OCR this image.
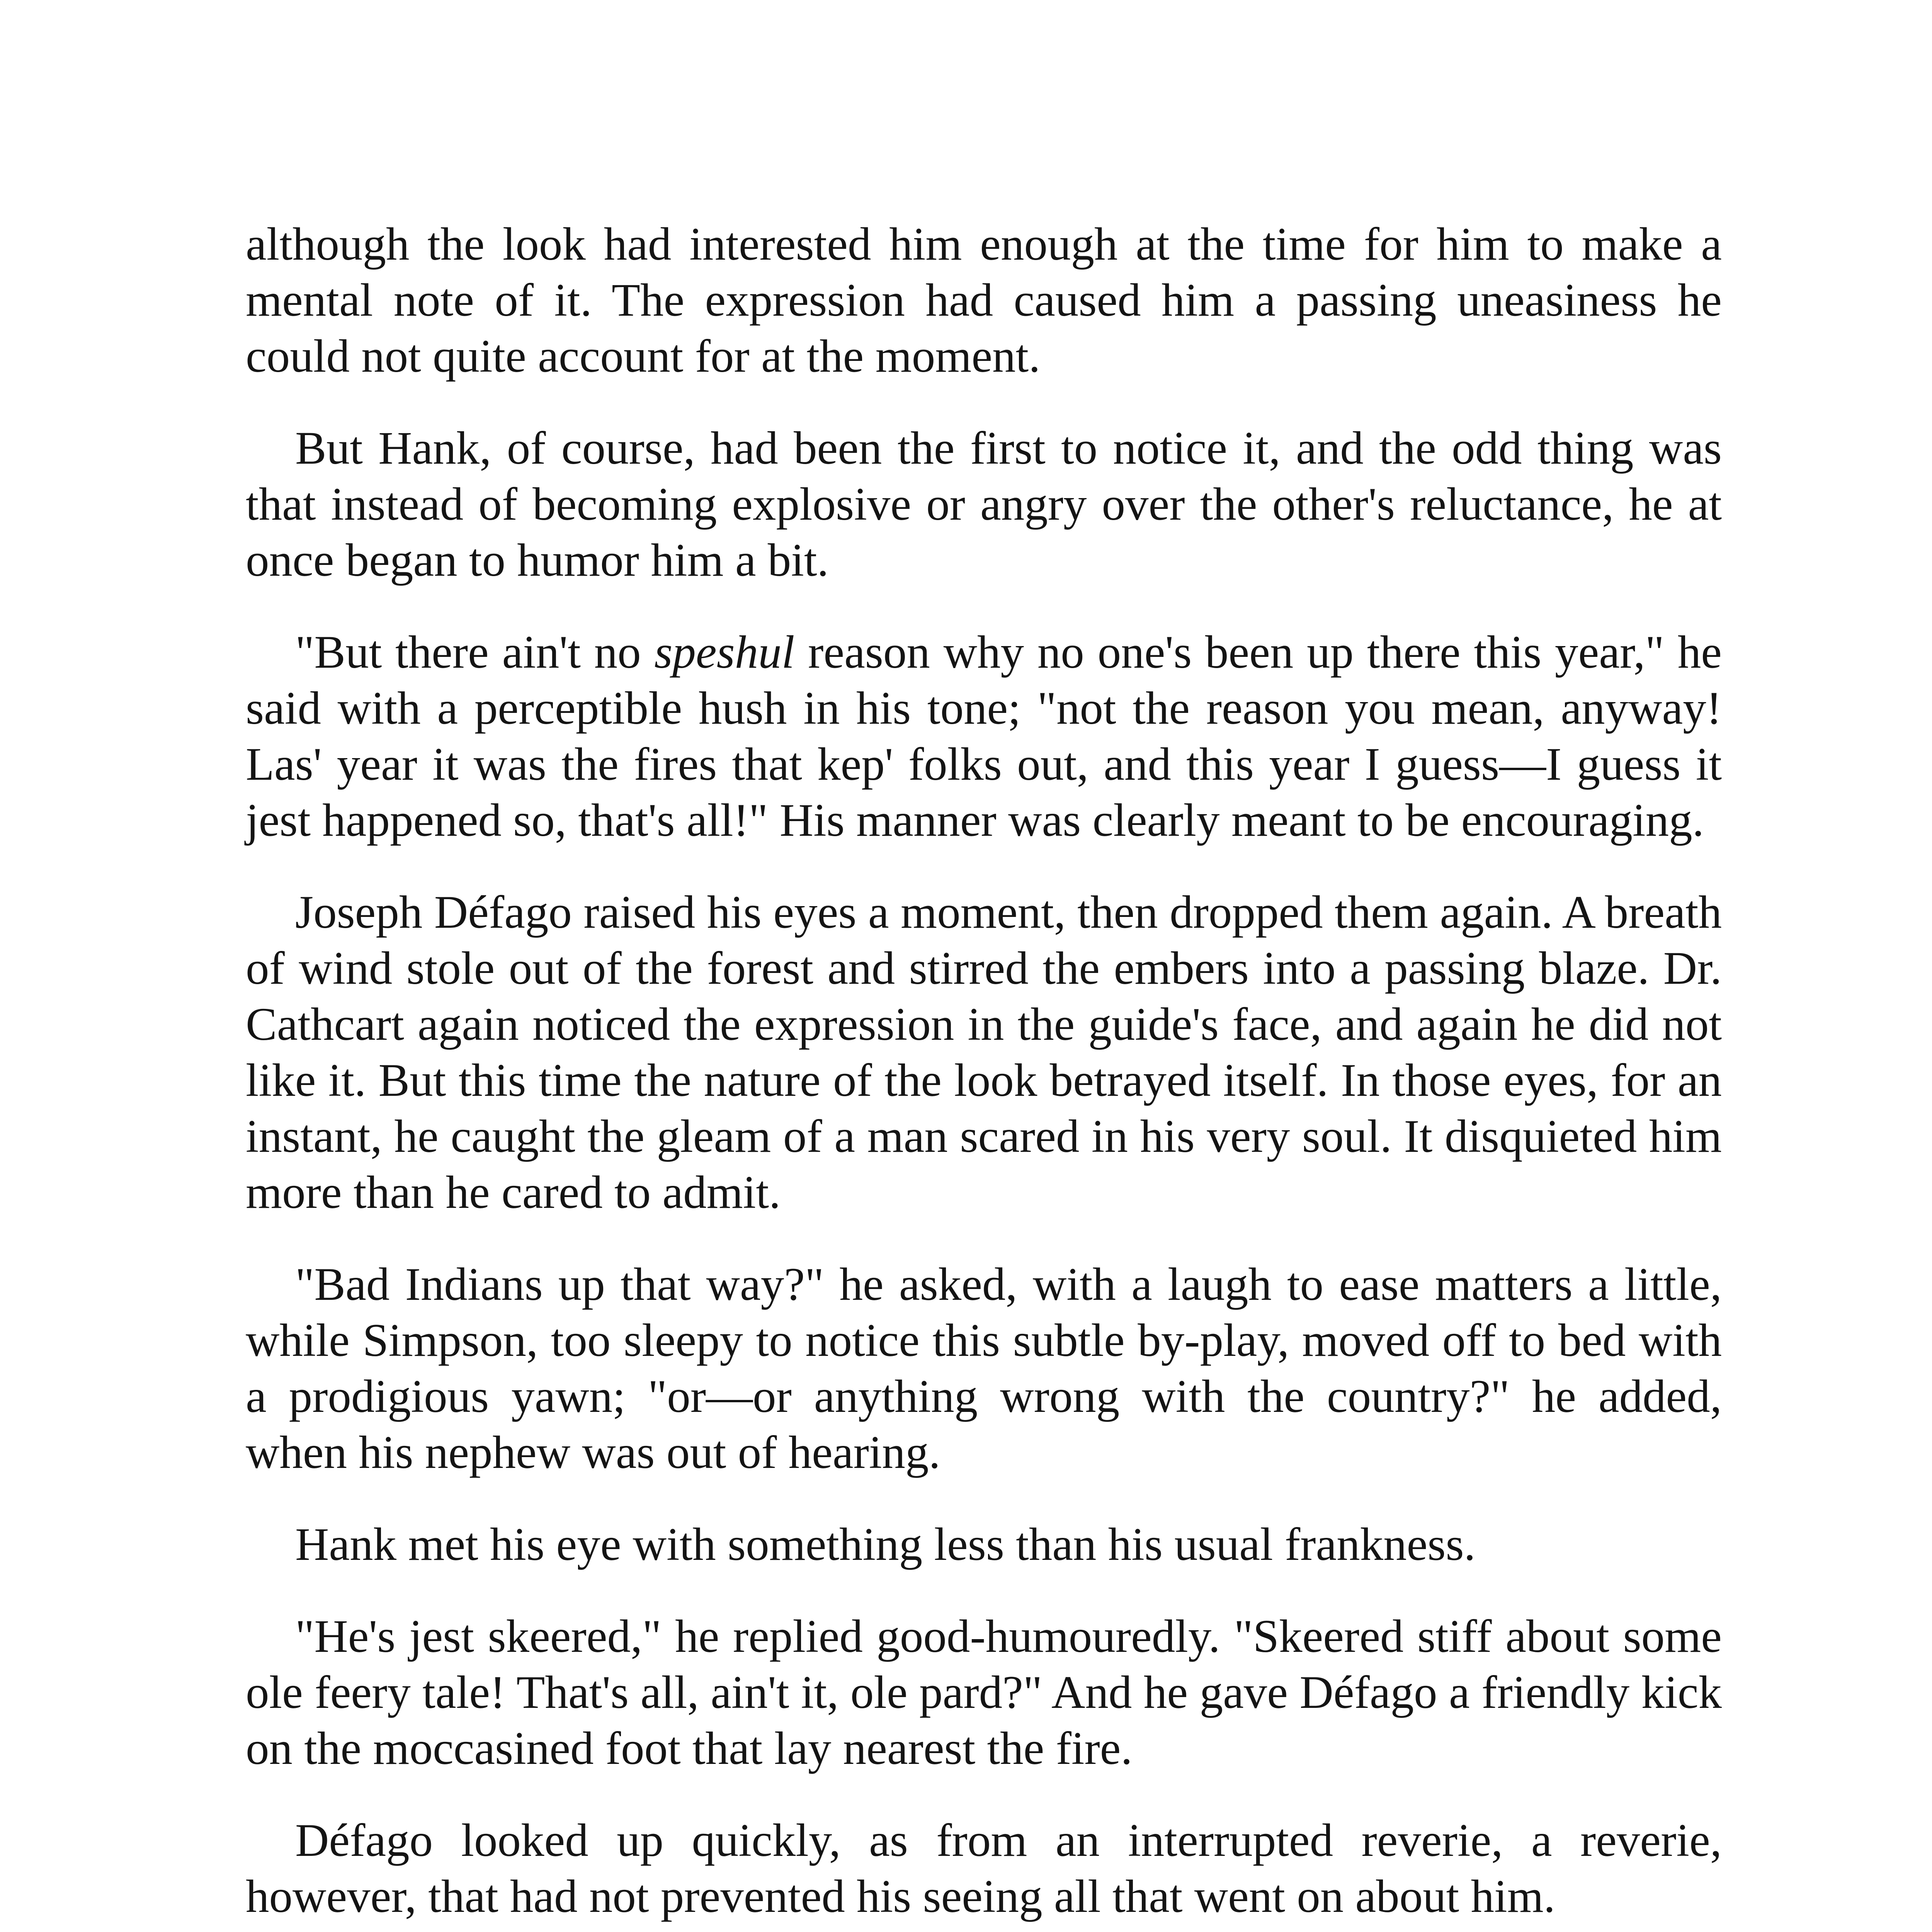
although the look had interested him enough at the time for him to make a mental note of it. The expression had caused him a passing uneasiness he could not quite account for at the moment.

But Hank, of course, had been the first to notice it, and the odd thing was that instead of becoming explosive or angry over the other's reluctance, he at once began to humor him a bit.

"But there ain't no speshul reason why no one's been up there this year," he said with a perceptible hush in his tone; "not the reason you mean, anyway! Las' year it was the fires that kep' folks out, and this year I guess—I guess it jest happened so, that's all!" His manner was clearly meant to be encouraging.

Joseph Défago raised his eyes a moment, then dropped them again. A breath of wind stole out of the forest and stirred the embers into a passing blaze. Dr. Cathcart again noticed the expression in the guide's face, and again he did not like it. But this time the nature of the look betrayed itself. In those eyes, for an instant, he caught the gleam of a man scared in his very soul. It disquieted him more than he cared to admit.

"Bad Indians up that way?" he asked, with a laugh to ease matters a little, while Simpson, too sleepy to notice this subtle by-play, moved off to bed with a prodigious yawn; "or—or anything wrong with the country?" he added, when his nephew was out of hearing.

Hank met his eye with something less than his usual frankness.

"He's jest skeered," he replied good-humouredly. "Skeered stiff about some ole feery tale! That's all, ain't it, ole pard?" And he gave Défago a friendly kick on the moccasined foot that lay nearest the fire.

Défago looked up quickly, as from an interrupted reverie, a reverie, however, that had not prevented his seeing all that went on about him.
